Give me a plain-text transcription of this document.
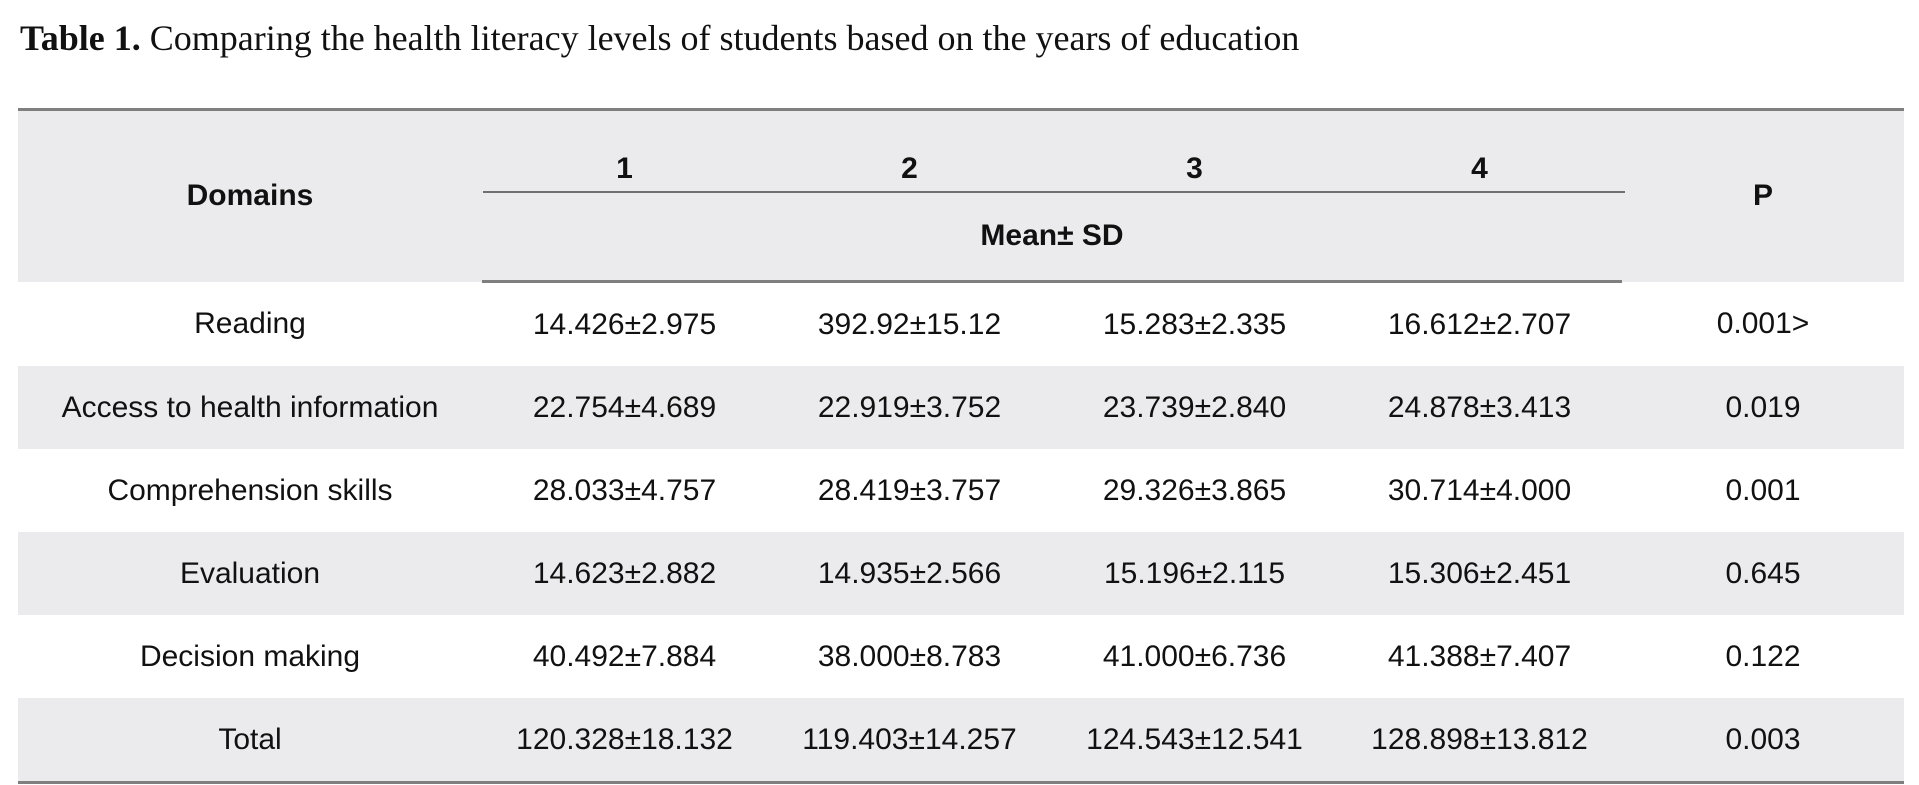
Table 1. Comparing the health literacy levels of students based on the years of education
Domains	1	2	3	4	P
	Mean± SD				
Reading	14.426±2.975	392.92±15.12	15.283±2.335	16.612±2.707	0.001>
Access to health information	22.754±4.689	22.919±3.752	23.739±2.840	24.878±3.413	0.019
Comprehension skills	28.033±4.757	28.419±3.757	29.326±3.865	30.714±4.000	0.001
Evaluation	14.623±2.882	14.935±2.566	15.196±2.115	15.306±2.451	0.645
Decision making	40.492±7.884	38.000±8.783	41.000±6.736	41.388±7.407	0.122
Total	120.328±18.132	119.403±14.257	124.543±12.541	128.898±13.812	0.003
